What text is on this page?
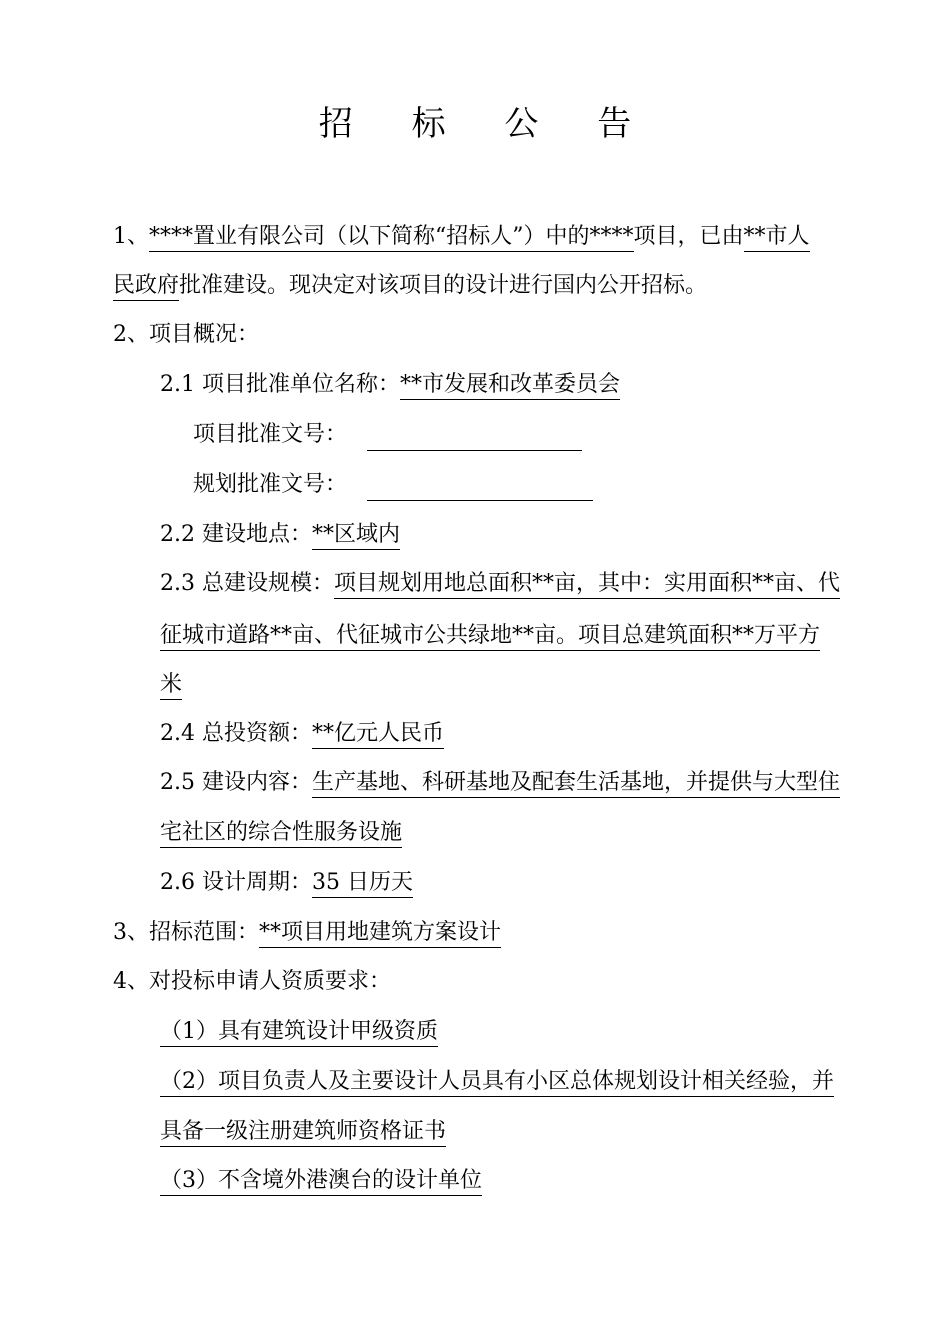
招 标 公 告
1、****置业有限公司（以下简称“招标人”）中的****项目，已由**市人
民政府批准建设。现决定对该项目的设计进行国内公开招标。
2、项目概况：
2.1 项目批准单位名称：**市发展和改革委员会
项目批准文号：
规划批准文号：
2.2 建设地点：**区域内
2.3 总建设规模：项目规划用地总面积**亩，其中：实用面积**亩、代
征城市道路**亩、代征城市公共绿地**亩。项目总建筑面积**万平方
米
2.4 总投资额：**亿元人民币
2.5 建设内容：生产基地、科研基地及配套生活基地，并提供与大型住
宅社区的综合性服务设施
2.6 设计周期：35 日历天
3、招标范围：**项目用地建筑方案设计
4、对投标申请人资质要求：
（1）具有建筑设计甲级资质
（2）项目负责人及主要设计人员具有小区总体规划设计相关经验，并
具备一级注册建筑师资格证书
（3）不含境外港澳台的设计单位
